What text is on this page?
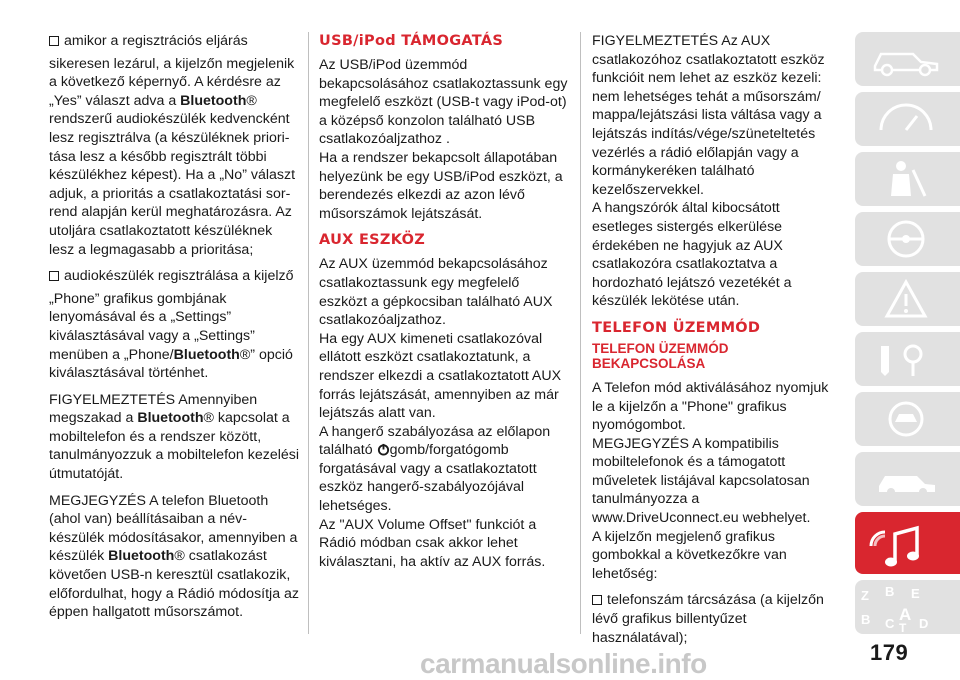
amikor a regisztrációs eljárás

sikeresen lezárul, a kijelzőn megjelenik a következő képernyő. A kérdésre az „Yes” választ adva a Bluetooth® rendszerű audiokészülék kedvencként lesz regisztrálva (a készüléknek priori-tása lesz a később regisztrált többi készülékhez képest). Ha a „No” választ adjuk, a prioritás a csatlakoztatási sor-rend alapján kerül meghatározásra. Az utoljára csatlakoztatott készüléknek lesz a legmagasabb a prioritása;

audiokészülék regisztrálása a kijelző

„Phone” grafikus gombjának lenyomásával és a „Settings” kiválasztásával vagy a „Settings” menüben a „Phone/Bluetooth®” opció kiválasztásával történhet.

FIGYELMEZTETÉS Amennyiben megszakad a Bluetooth® kapcsolat a mobiltelefon és a rendszer között, tanulmányozzuk a mobiltelefon kezelési útmutatóját.

MEGJEGYZÉS A telefon Bluetooth (ahol van) beállításaiban a név-készülék módosításakor, amennyiben a készülék Bluetooth® csatlakozást követően USB-n keresztül csatlakozik, előfordulhat, hogy a Rádió módosítja az éppen hallgatott műsorszámot.

USB/iPod TÁMOGATÁS

Az USB/iPod üzemmód bekapcsolásához csatlakoztassunk egy megfelelő eszközt (USB-t vagy iPod-ot) a középső konzolon található USB csatlakozóaljzathoz .
Ha a rendszer bekapcsolt állapotában helyezünk be egy USB/iPod eszközt, a berendezés elkezdi az azon lévő műsorszámok lejátszását.

AUX ESZKÖZ

Az AUX üzemmód bekapcsolásához csatlakoztassunk egy megfelelő eszközt a gépkocsiban található AUX csatlakozóaljzathoz.
Ha egy AUX kimeneti csatlakozóval ellátott eszközt csatlakoztatunk, a rendszer elkezdi a csatlakoztatott AUX forrás lejátszását, amennyiben az már lejátszás alatt van.
A hangerő szabályozása az előlapon található gomb/forgatógomb forgatásával vagy a csatlakoztatott eszköz hangerő-szabályozójával lehetséges.
Az "AUX Volume Offset" funkciót a Rádió módban csak akkor lehet kiválasztani, ha aktív az AUX forrás.

FIGYELMEZTETÉS Az AUX csatlakozóhoz csatlakoztatott eszköz funkcióit nem lehet az eszköz kezeli: nem lehetséges tehát a műsorszám/ mappa/lejátszási lista váltása vagy a lejátszás indítás/vége/szüneteltetés vezérlés a rádió előlapján vagy a kormánykeréken található kezelőszervekkel.
A hangszórók által kibocsátott esetleges sistergés elkerülése érdekében ne hagyjuk az AUX csatlakozóra csatlakoztatva a hordozható lejátszó vezetékét a készülék lekötése után.

TELEFON ÜZEMMÓD
TELEFON ÜZEMMÓD BEKAPCSOLÁSA

A Telefon mód aktiválásához nyomjuk le a kijelzőn a "Phone" grafikus nyomógombot.
MEGJEGYZÉS A kompatibilis mobiltelefonok és a támogatott műveletek listájával kapcsolatosan tanulmányozza a www.DriveUconnect.eu webhelyet.
A kijelzőn megjelenő grafikus gombokkal a következőkre van lehetőség:

telefonszám tárcsázása (a kijelzőn lévő grafikus billentyűzet használatával);

Z B E
B C A D
T
179
carmanualsonline.info
